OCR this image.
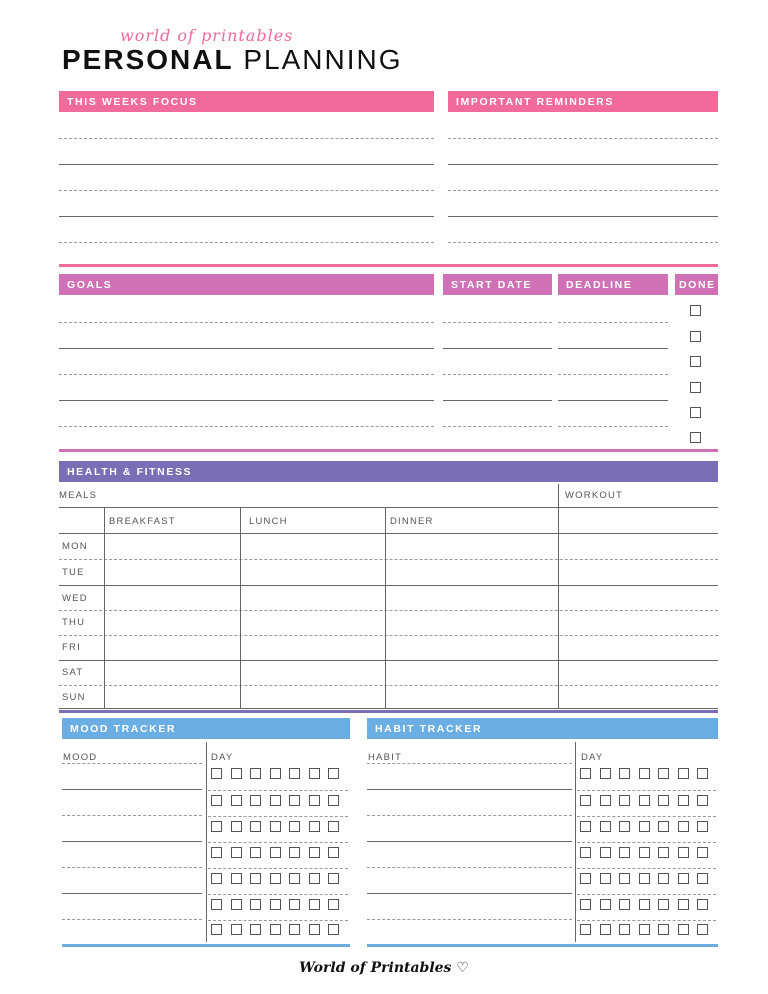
world of printables
PERSONAL PLANNING
THIS WEEKS FOCUS	IMPORTANT REMINDERS
GOALS	START DATE	DEADLINE	DONE
HEALTH & FITNESS
MEALS	WORKOUT
BREAKFAST	LUNCH	DINNER
MON
TUE
WED
THU
FRI
SAT
SUN
MOOD TRACKER	HABIT TRACKER
MOOD	DAY	HABIT	DAY
World of Printables ♡
